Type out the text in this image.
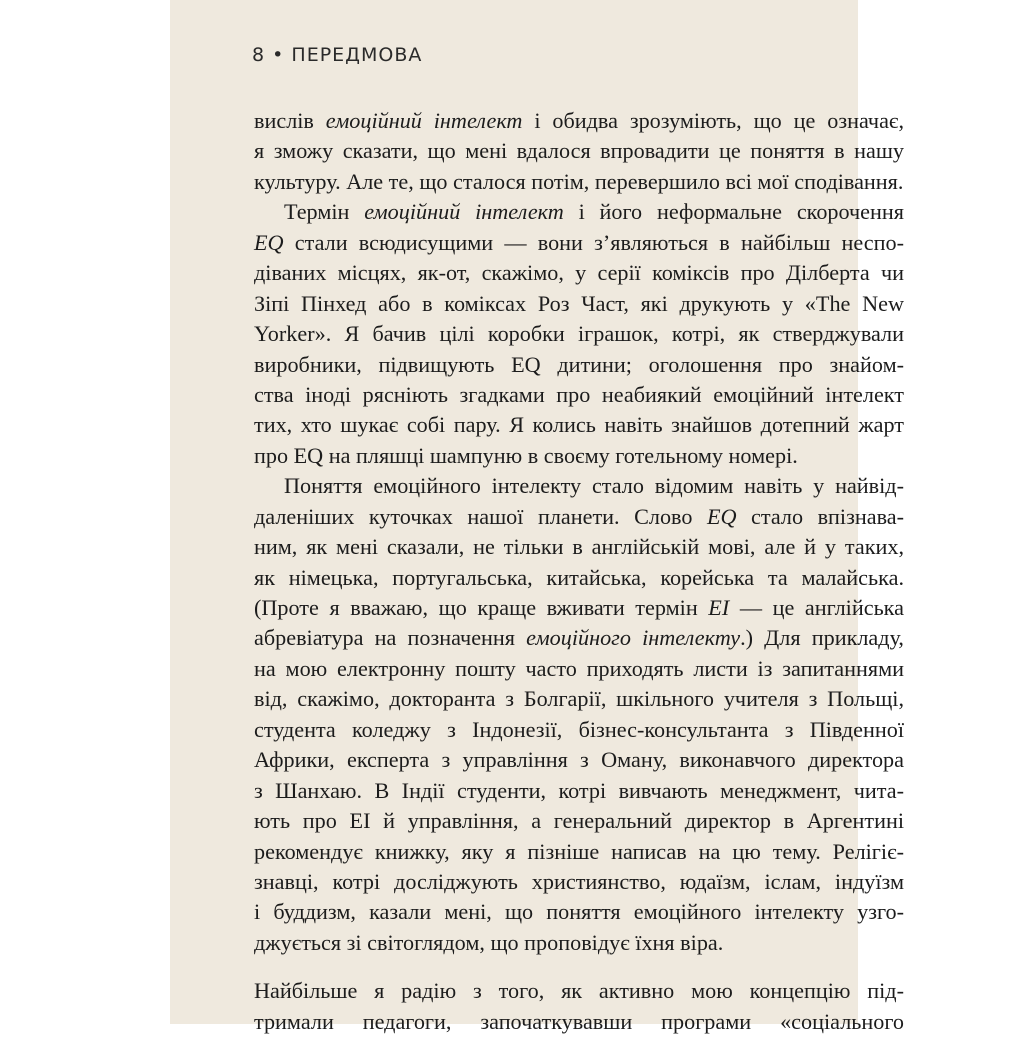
8 • ПЕРЕДМОВА
вислів емоційний інтелект і обидва зрозуміють, що це означає,
я зможу сказати, що мені вдалося впровадити це поняття в нашу
культуру. Але те, що сталося потім, перевершило всі мої сподівання.
Термін емоційний інтелект і його неформальне скорочення
EQ стали всюдисущими — вони з’являються в найбільш неспо-
діваних місцях, як-от, скажімо, у серії коміксів про Ділберта чи
Зіпі Пінхед або в коміксах Роз Част, які друкують у «The New
Yorker». Я бачив цілі коробки іграшок, котрі, як стверджували
виробники, підвищують EQ дитини; оголошення про знайом-
ства іноді рясніють згадками про неабиякий емоційний інтелект
тих, хто шукає собі пару. Я колись навіть знайшов дотепний жарт
про EQ на пляшці шампуню в своєму готельному номері.
Поняття емоційного інтелекту стало відомим навіть у найвід-
даленіших куточках нашої планети. Слово EQ стало впізнава-
ним, як мені сказали, не тільки в англійській мові, але й у таких,
як німецька, португальська, китайська, корейська та малайська.
(Проте я вважаю, що краще вживати термін EI — це англійська
абревіатура на позначення емоційного інтелекту.) Для прикладу,
на мою електронну пошту часто приходять листи із запитаннями
від, скажімо, докторанта з Болгарії, шкільного учителя з Польщі,
студента коледжу з Індонезії, бізнес-консультанта з Південної
Африки, експерта з управління з Оману, виконавчого директора
з Шанхаю. В Індії студенти, котрі вивчають менеджмент, чита-
ють про EI й управління, а генеральний директор в Аргентині
рекомендує книжку, яку я пізніше написав на цю тему. Релігіє-
знавці, котрі досліджують християнство, юдаїзм, іслам, індуїзм
і буддизм, казали мені, що поняття емоційного інтелекту узго-
джується зі світоглядом, що проповідує їхня віра.
Найбільше я радію з того, як активно мою концепцію під-
тримали педагоги, започаткувавши програми «соціального
